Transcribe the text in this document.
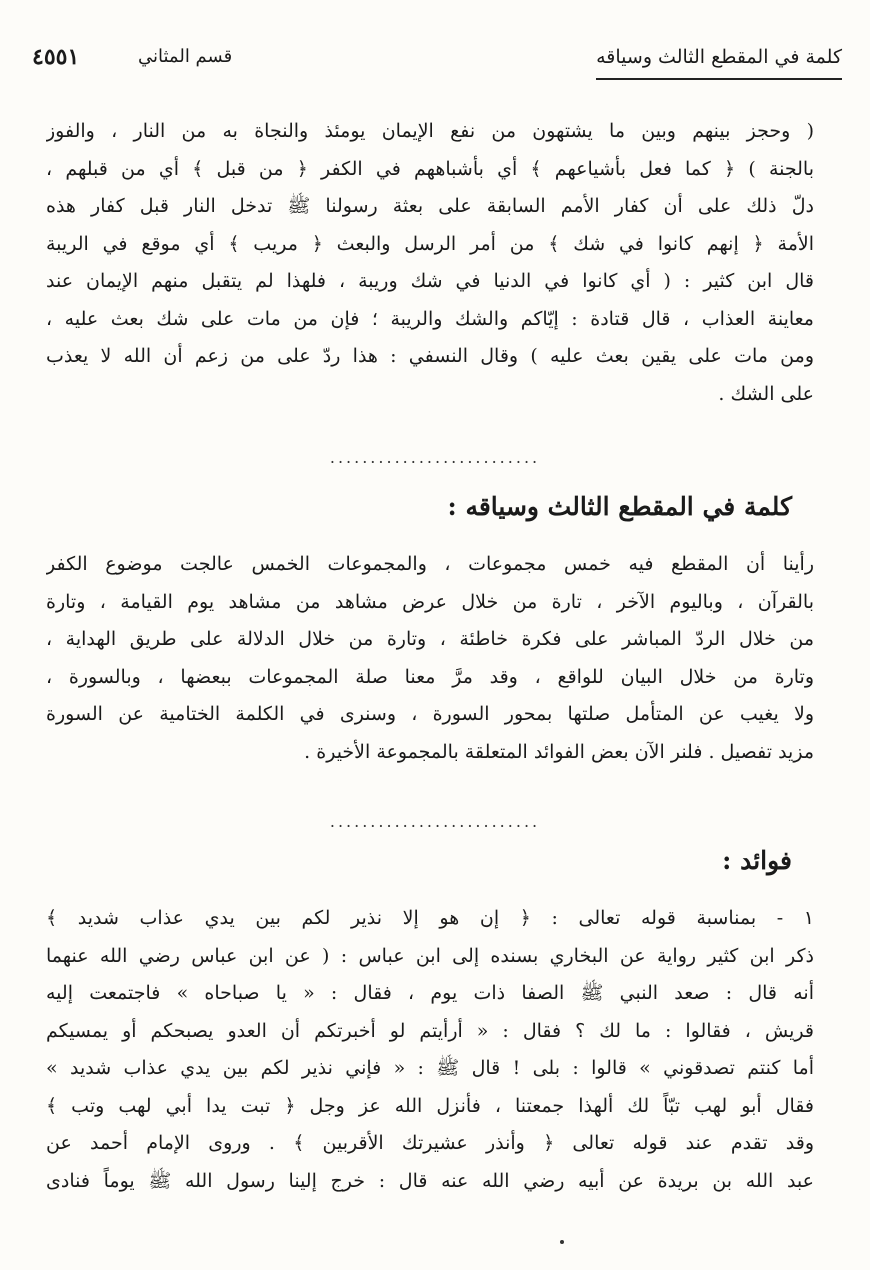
كلمة في المقطع الثالث وسياقه
قسم المثاني
٤٥٥١
( وحجز بينهم وبين ما يشتهون من نفع الإيمان يومئذ والنجاة به من النار ، والفوز
بالجنة ) ﴿ كما فعل بأشياعهم ﴾ أي بأشباههم في الكفر ﴿ من قبل ﴾ أي من قبلهم ،
دلّ ذلك على أن كفار الأمم السابقة على بعثة رسولنا ﷺ تدخل النار قبل كفار هذه
الأمة ﴿ إنهم كانوا في شك ﴾ من أمر الرسل والبعث ﴿ مريب ﴾ أي موقع في الريبة
قال ابن كثير : ( أي كانوا في الدنيا في شك وريبة ، فلهذا لم يتقبل منهم الإيمان عند
معاينة العذاب ، قال قتادة : إيّاكم والشك والريبة ؛ فإن من مات على شك بعث عليه ،
ومن مات على يقين بعث عليه ) وقال النسفي : هذا ردّ على من زعم أن الله لا يعذب
على الشك .
..........................
كلمة في المقطع الثالث وسياقه :
رأينا أن المقطع فيه خمس مجموعات ، والمجموعات الخمس عالجت موضوع الكفر
بالقرآن ، وباليوم الآخر ، تارة من خلال عرض مشاهد من مشاهد يوم القيامة ، وتارة
من خلال الردّ المباشر على فكرة خاطئة ، وتارة من خلال الدلالة على طريق الهداية ،
وتارة من خلال البيان للواقع ، وقد مرَّ معنا صلة المجموعات ببعضها ، وبالسورة ،
ولا يغيب عن المتأمل صلتها بمحور السورة ، وسنرى في الكلمة الختامية عن السورة
مزيد تفصيل . فلنر الآن بعض الفوائد المتعلقة بالمجموعة الأخيرة .
..........................
فوائد :
١ - بمناسبة قوله تعالى : ﴿ إن هو إلا نذير لكم بين يدي عذاب شديد ﴾
ذكر ابن كثير رواية عن البخاري بسنده إلى ابن عباس : ( عن ابن عباس رضي الله عنهما
أنه قال : صعد النبي ﷺ الصفا ذات يوم ، فقال : « يا صباحاه » فاجتمعت إليه
قريش ، فقالوا : ما لك ؟ فقال : « أرأيتم لو أخبرتكم أن العدو يصبحكم أو يمسيكم
أما كنتم تصدقوني » قالوا : بلى ! قال ﷺ : « فإني نذير لكم بين يدي عذاب شديد »
فقال أبو لهب تبّاً لك ألهذا جمعتنا ، فأنزل الله عز وجل ﴿ تبت يدا أبي لهب وتب ﴾
وقد تقدم عند قوله تعالى ﴿ وأنذر عشيرتك الأقربين ﴾ . وروى الإمام أحمد عن
عبد الله بن بريدة عن أبيه رضي الله عنه قال : خرج إلينا رسول الله ﷺ يوماً فنادى
